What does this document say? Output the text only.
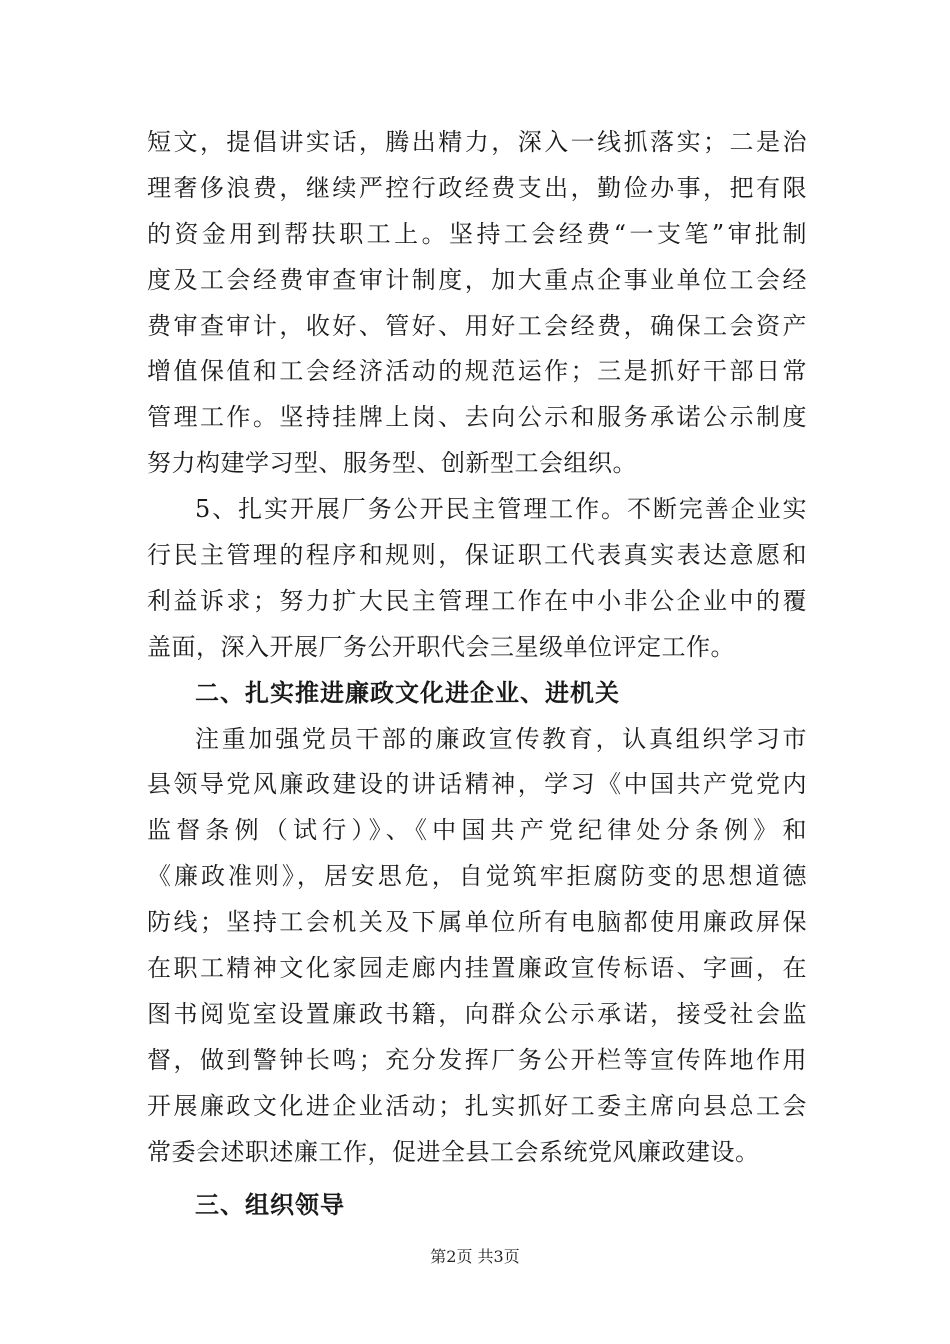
短文，提倡讲实话，腾出精力，深入一线抓落实；二是治
理奢侈浪费，继续严控行政经费支出，勤俭办事，把有限
的资金用到帮扶职工上。坚持工会经费“一支笔”审批制
度及工会经费审查审计制度，加大重点企事业单位工会经
费审查审计，收好、管好、用好工会经费，确保工会资产
增值保值和工会经济活动的规范运作；三是抓好干部日常
管理工作。坚持挂牌上岗、去向公示和服务承诺公示制度
努力构建学习型、服务型、创新型工会组织。
5、扎实开展厂务公开民主管理工作。不断完善企业实
行民主管理的程序和规则，保证职工代表真实表达意愿和
利益诉求；努力扩大民主管理工作在中小非公企业中的覆
盖面，深入开展厂务公开职代会三星级单位评定工作。
二、扎实推进廉政文化进企业、进机关
注重加强党员干部的廉政宣传教育，认真组织学习市
县领导党风廉政建设的讲话精神，学习《中国共产党党内
监督条例（试行）》、《中国共产党纪律处分条例》和
《廉政准则》，居安思危，自觉筑牢拒腐防变的思想道德
防线；坚持工会机关及下属单位所有电脑都使用廉政屏保
在职工精神文化家园走廊内挂置廉政宣传标语、字画，在
图书阅览室设置廉政书籍，向群众公示承诺，接受社会监
督，做到警钟长鸣；充分发挥厂务公开栏等宣传阵地作用
开展廉政文化进企业活动；扎实抓好工委主席向县总工会
常委会述职述廉工作，促进全县工会系统党风廉政建设。
三、组织领导
第2页 共3页
